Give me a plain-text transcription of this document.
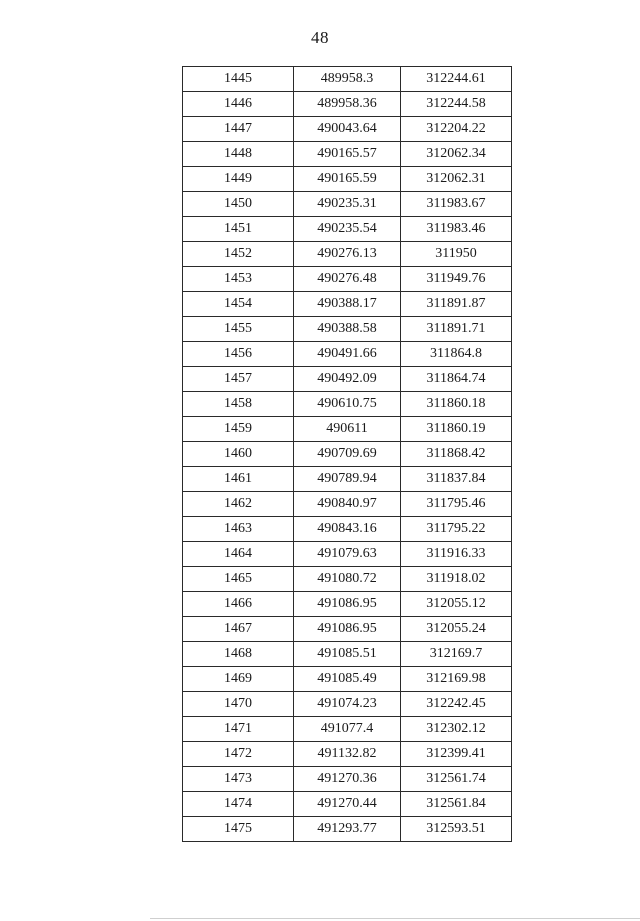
48
1445	489958.3	312244.61
1446	489958.36	312244.58
1447	490043.64	312204.22
1448	490165.57	312062.34
1449	490165.59	312062.31
1450	490235.31	311983.67
1451	490235.54	311983.46
1452	490276.13	311950
1453	490276.48	311949.76
1454	490388.17	311891.87
1455	490388.58	311891.71
1456	490491.66	311864.8
1457	490492.09	311864.74
1458	490610.75	311860.18
1459	490611	311860.19
1460	490709.69	311868.42
1461	490789.94	311837.84
1462	490840.97	311795.46
1463	490843.16	311795.22
1464	491079.63	311916.33
1465	491080.72	311918.02
1466	491086.95	312055.12
1467	491086.95	312055.24
1468	491085.51	312169.7
1469	491085.49	312169.98
1470	491074.23	312242.45
1471	491077.4	312302.12
1472	491132.82	312399.41
1473	491270.36	312561.74
1474	491270.44	312561.84
1475	491293.77	312593.51
